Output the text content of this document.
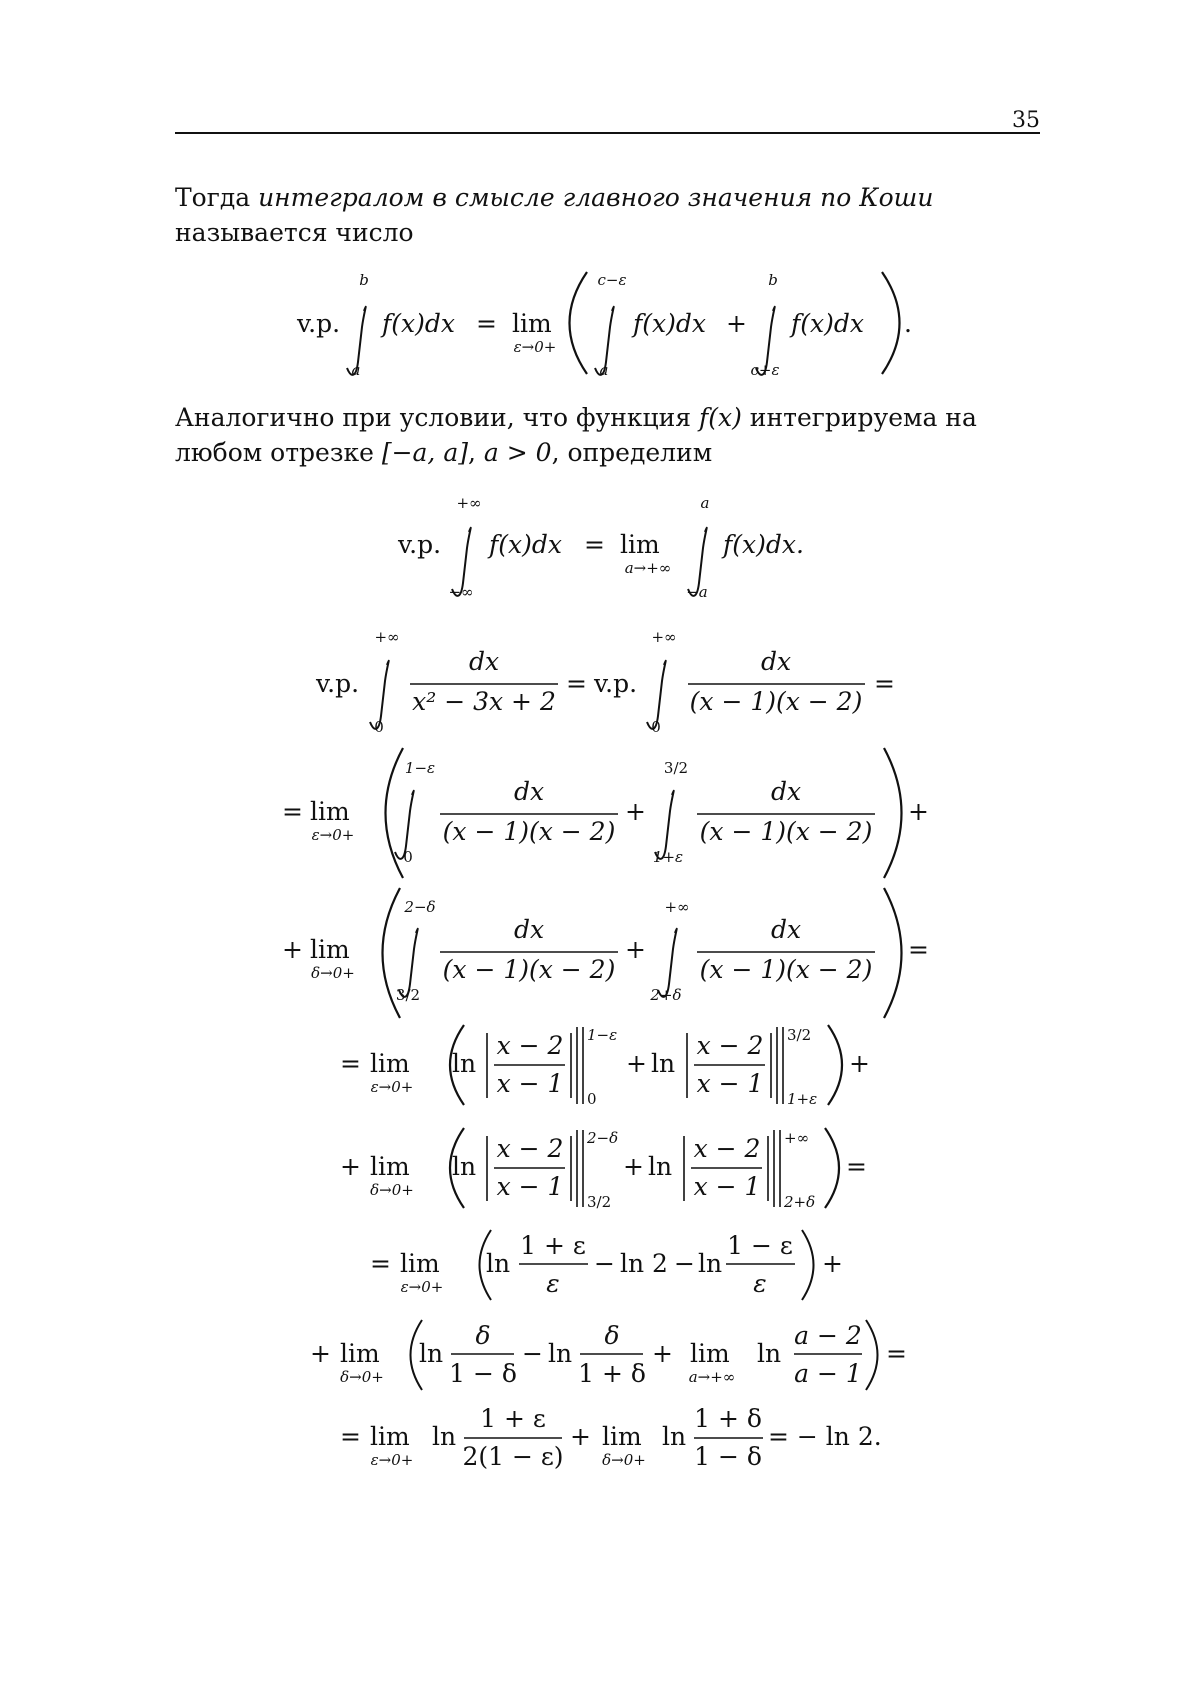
35

Тогда интегралом в смысле главного значения по Коши называется число

Аналогично при условии, что функция f(x) интегрируема на любом отрезке [−a, a], a > 0, определим

v.p.
b
a
f(x)dx = lim
ε→0+
c−ε
a
f(x)dx +
b
c+ε
f(x)dx .
v.p.
+∞
−∞
f(x)dx = lim
a→+∞
a
−a
f(x)dx.
v.p.
+∞
0
dx
x² − 3x + 2
= v.p.
+∞
0
dx
(x − 1)(x − 2)
=
= lim
ε→0+
1−ε
0
dx
(x − 1)(x − 2)
+
3/2
1+ε
dx
(x − 1)(x − 2)
+
+ lim
δ→0+
2−δ
3/2
dx
(x − 1)(x − 2)
+
+∞
2+δ
dx
(x − 1)(x − 2)
=
= lim
ε→0+
ln
x − 2
x − 1
1−ε
0
+ ln
x − 2
x − 1
3/2
1+ε
+
+ lim
δ→0+
ln
x − 2
x − 1
2−δ
3/2
+ ln
x − 2
x − 1
+∞
2+δ
=
= lim
ε→0+
ln
1 + ε
ε
− ln 2 − ln
1 − ε
ε
+
+ lim
δ→0+
ln
δ
1 − δ
− ln
δ
1 + δ
+ lim
a→+∞
ln
a − 2
a − 1
=
= lim
ε→0+
ln
1 + ε
2(1 − ε)
+ lim
δ→0+
ln
1 + δ
1 − δ
= − ln 2.
